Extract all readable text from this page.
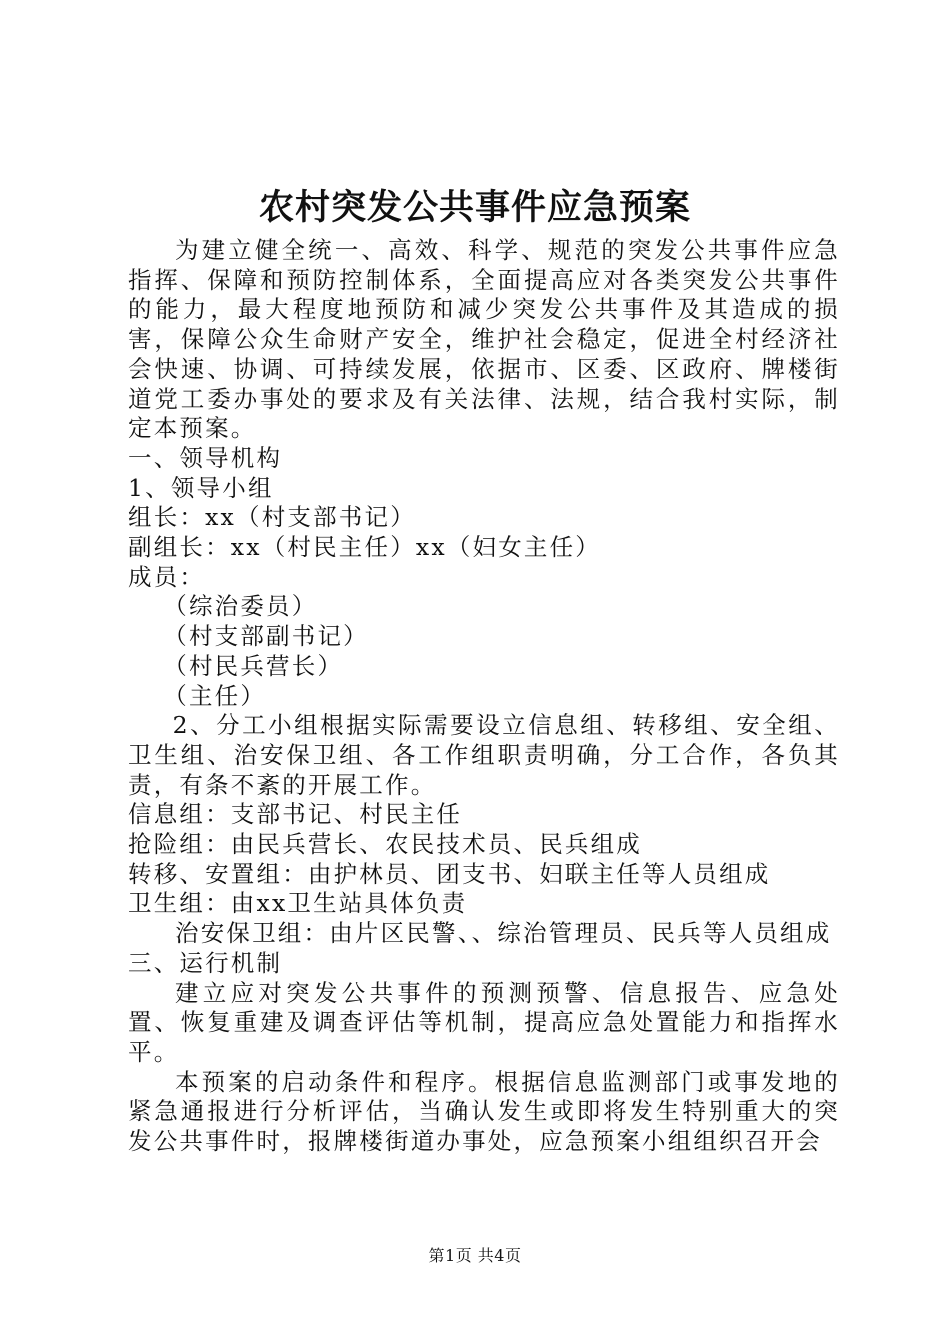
农村突发公共事件应急预案

为建立健全统一、高效、科学、规范的突发公共事件应急指挥、保障和预防控制体系，全面提高应对各类突发公共事件的能力，最大程度地预防和减少突发公共事件及其造成的损害，保障公众生命财产安全，维护社会稳定，促进全村经济社会快速、协调、可持续发展，依据市、区委、区政府、牌楼街道党工委办事处的要求及有关法律、法规，结合我村实际，制定本预案。

一、领导机构

1、领导小组

组长：xx（村支部书记）

副组长：xx（村民主任）xx（妇女主任）

成员：

（综治委员）

（村支部副书记）

（村民兵营长）

（主任）

2、分工小组根据实际需要设立信息组、转移组、安全组、卫生组、治安保卫组、各工作组职责明确，分工合作，各负其责，有条不紊的开展工作。

信息组：支部书记、村民主任

抢险组：由民兵营长、农民技术员、民兵组成

转移、安置组：由护林员、团支书、妇联主任等人员组成

卫生组：由xx卫生站具体负责

治安保卫组：由片区民警、、综治管理员、民兵等人员组成

三、运行机制

建立应对突发公共事件的预测预警、信息报告、应急处置、恢复重建及调查评估等机制，提高应急处置能力和指挥水平。

本预案的启动条件和程序。根据信息监测部门或事发地的紧急通报进行分析评估，当确认发生或即将发生特别重大的突发公共事件时，报牌楼街道办事处，应急预案小组组织召开会

第1页 共4页
